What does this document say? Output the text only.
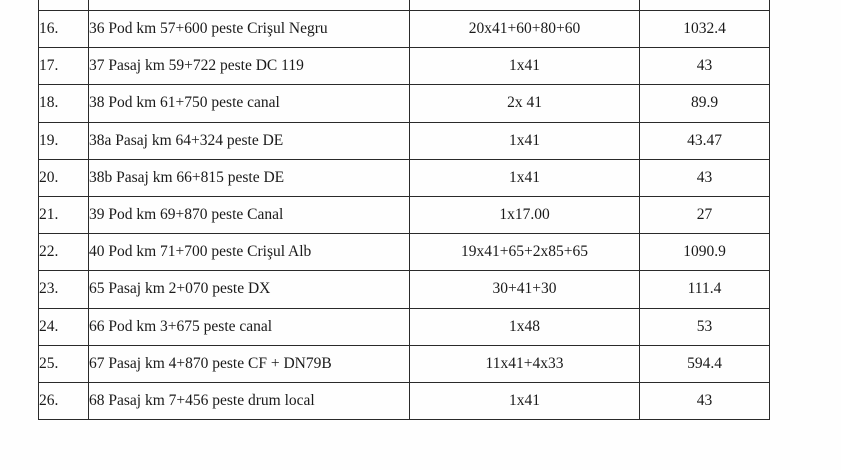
16.	36 Pod km 57+600 peste Crişul Negru	20x41+60+80+60	1032.4
17.	37 Pasaj km 59+722 peste DC 119	1x41	43
18.	38 Pod km 61+750 peste canal	2x 41	89.9
19.	38a Pasaj km 64+324 peste DE	1x41	43.47
20.	38b Pasaj km 66+815 peste DE	1x41	43
21.	39 Pod km 69+870 peste Canal	1x17.00	27
22.	40 Pod km 71+700 peste Crişul Alb	19x41+65+2x85+65	1090.9
23.	65 Pasaj km 2+070 peste DX	30+41+30	111.4
24.	66 Pod km 3+675 peste canal	1x48	53
25.	67 Pasaj km 4+870 peste CF + DN79B	11x41+4x33	594.4
26.	68 Pasaj km 7+456 peste drum local	1x41	43
